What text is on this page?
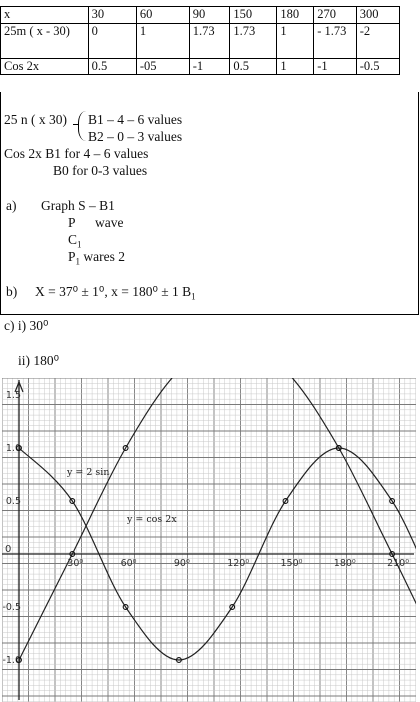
x	30	60	90	150	180	270	300
25m ( x - 30)	0	1	1.73	1.73	1	- 1.73	-2
Cos 2x	0.5	-05	-1	0.5	1	-1	-0.5
25 n ( x 30) B1 – 4 – 6 values
B2 – 0 – 3 values
Cos 2x B1 for 4 – 6 values
B0 for 0-3 values
a) Graph S – B1
P wave
$C_1$
$P_1$ wares 2
b) X = 37⁰ ± 1⁰, x = 180⁰ ± 1 $B_1$
c) i) 30⁰
ii) 180⁰
1.5
1.0
0.5
0
-0.5
-1.0
30⁰	60⁰	90⁰	120⁰	150⁰	180⁰	210⁰
y = 2 sin
y = cos 2x
